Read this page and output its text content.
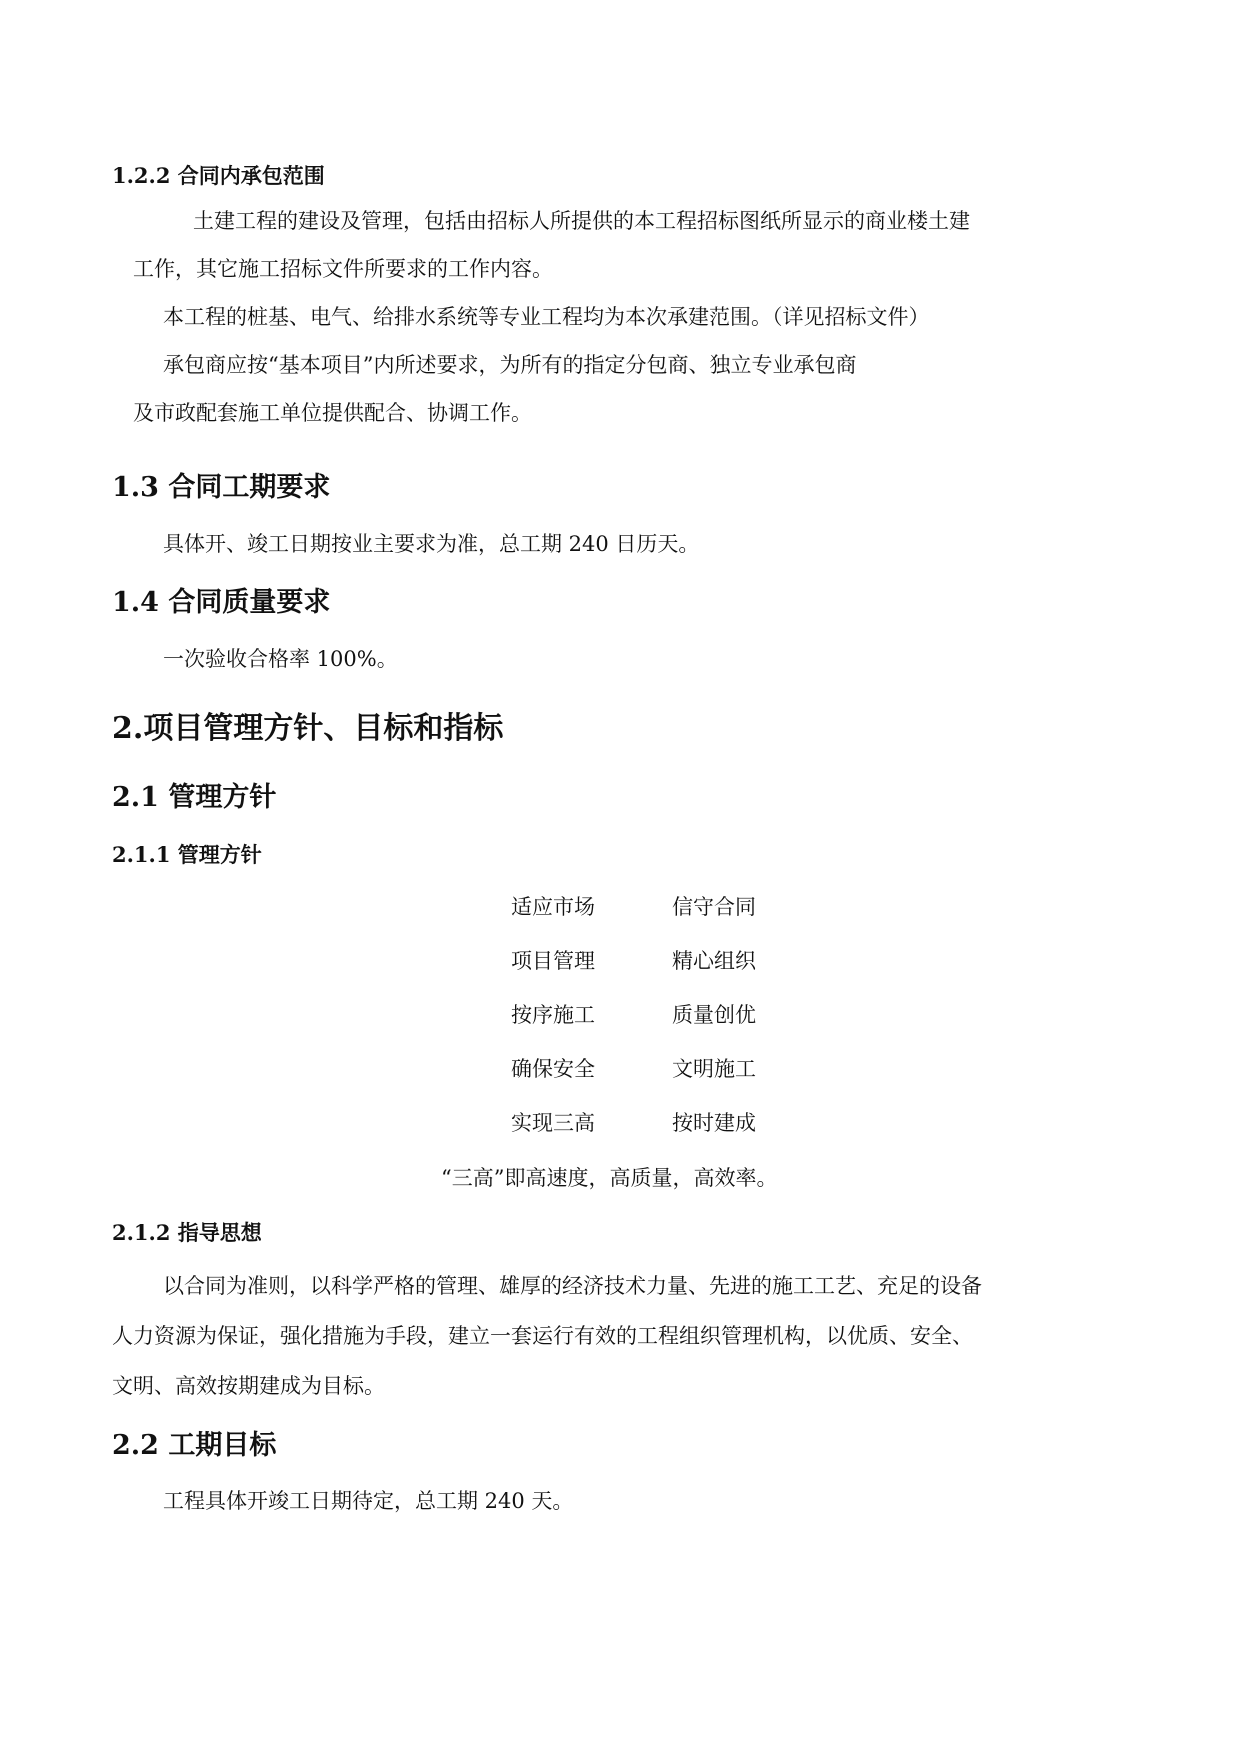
1.2.2 合同内承包范围
土建工程的建设及管理，包括由招标人所提供的本工程招标图纸所显示的商业楼土建
工作，其它施工招标文件所要求的工作内容。
本工程的桩基、电气、给排水系统等专业工程均为本次承建范围。（详见招标文件）
承包商应按“基本项目”内所述要求，为所有的指定分包商、独立专业承包商
及市政配套施工单位提供配合、协调工作。
1.3 合同工期要求
具体开、竣工日期按业主要求为准，总工期 240 日历天。
1.4 合同质量要求
一次验收合格率 100%。
2.项目管理方针、目标和指标
2.1 管理方针
2.1.1 管理方针
适应市场	信守合同
项目管理	精心组织
按序施工	质量创优
确保安全	文明施工
实现三高	按时建成
“三高”即高速度，高质量，高效率。
2.1.2 指导思想
以合同为准则，以科学严格的管理、雄厚的经济技术力量、先进的施工工艺、充足的设备
人力资源为保证，强化措施为手段，建立一套运行有效的工程组织管理机构，以优质、安全、
文明、高效按期建成为目标。
2.2 工期目标
工程具体开竣工日期待定，总工期 240 天。
